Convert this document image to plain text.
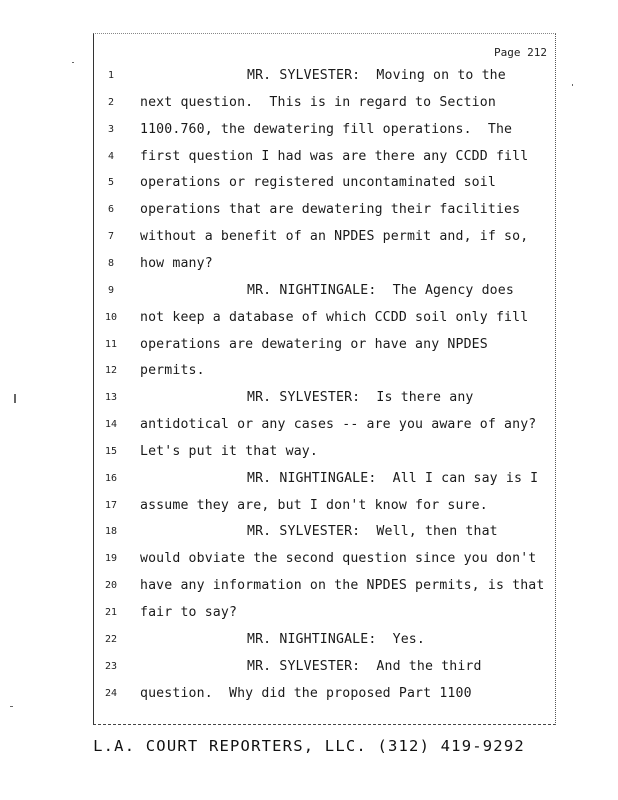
Page 212
1	MR. SYLVESTER:  Moving on to the
2	next question.  This is in regard to Section
3	1100.760, the dewatering fill operations.  The
4	first question I had was are there any CCDD fill
5	operations or registered uncontaminated soil
6	operations that are dewatering their facilities
7	without a benefit of an NPDES permit and, if so,
8	how many?
9	MR. NIGHTINGALE:  The Agency does
10	not keep a database of which CCDD soil only fill
11	operations are dewatering or have any NPDES
12	permits.
13	MR. SYLVESTER:  Is there any
14	antidotical or any cases -- are you aware of any?
15	Let's put it that way.
16	MR. NIGHTINGALE:  All I can say is I
17	assume they are, but I don't know for sure.
18	MR. SYLVESTER:  Well, then that
19	would obviate the second question since you don't
20	have any information on the NPDES permits, is that
21	fair to say?
22	MR. NIGHTINGALE:  Yes.
23	MR. SYLVESTER:  And the third
24	question.  Why did the proposed Part 1100
L.A. COURT REPORTERS, LLC. (312) 419-9292
